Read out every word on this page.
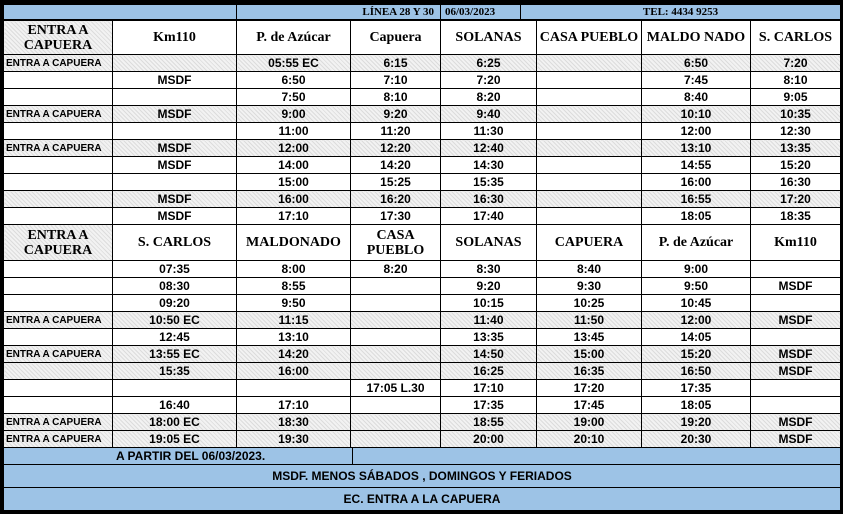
	LÍNEA 28 Y 30	06/03/2023	TEL: 4434 9253
ENTRA A CAPUERA	Km110	P. de Azúcar	Capuera	SOLANAS	CASA PUEBLO	MALDO NADO	S. CARLOS
ENTRA A CAPUERA		05:55 EC	6:15	6:25		6:50	7:20
	MSDF	6:50	7:10	7:20		7:45	8:10
		7:50	8:10	8:20		8:40	9:05
ENTRA A CAPUERA	MSDF	9:00	9:20	9:40		10:10	10:35
		11:00	11:20	11:30		12:00	12:30
ENTRA A CAPUERA	MSDF	12:00	12:20	12:40		13:10	13:35
	MSDF	14:00	14:20	14:30		14:55	15:20
		15:00	15:25	15:35		16:00	16:30
	MSDF	16:00	16:20	16:30		16:55	17:20
	MSDF	17:10	17:30	17:40		18:05	18:35
ENTRA A CAPUERA	S. CARLOS	MALDONADO	CASA PUEBLO	SOLANAS	CAPUERA	P. de Azúcar	Km110
	07:35	8:00	8:20	8:30	8:40	9:00	
	08:30	8:55		9:20	9:30	9:50	MSDF
	09:20	9:50		10:15	10:25	10:45	
ENTRA A CAPUERA	10:50 EC	11:15		11:40	11:50	12:00	MSDF
	12:45	13:10		13:35	13:45	14:05	
ENTRA A CAPUERA	13:55 EC	14:20		14:50	15:00	15:20	MSDF
	15:35	16:00		16:25	16:35	16:50	MSDF
			17:05 L.30	17:10	17:20	17:35	
	16:40	17:10		17:35	17:45	18:05	
ENTRA A CAPUERA	18:00 EC	18:30		18:55	19:00	19:20	MSDF
ENTRA A CAPUERA	19:05 EC	19:30		20:00	20:10	20:30	MSDF
A PARTIR DEL 06/03/2023.	
MSDF. MENOS SÁBADOS , DOMINGOS Y FERIADOS
EC. ENTRA A LA CAPUERA
